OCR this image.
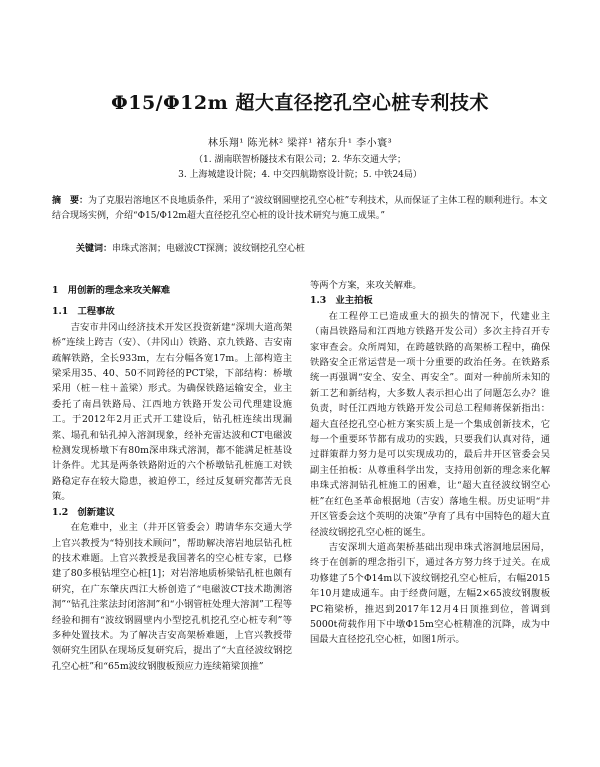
Φ15/Φ12m 超大直径挖孔空心桩专利技术
林乐翔¹ 陈光林² 梁祥¹ 褚东升¹ 李小寰³
（1. 湖南联智桥隧技术有限公司；2. 华东交通大学；
3. 上海城建设计院；4. 中交四航勘察设计院；5. 中铁24局）
摘　要：为了克服岩溶地区不良地质条件，采用了“波纹钢圆壁挖孔空心桩”专利技术，从而保证了主体工程的顺利进行。本文结合现场实例，介绍“Φ15/Φ12m超大直径挖孔空心桩的设计技术研究与施工成果。”
关键词：串珠式溶洞；电磁波CT探测；波纹钢挖孔空心桩
1　用创新的理念来攻关解难
1.1　工程事故

吉安市井冈山经济技术开发区投资新建“深圳大道高架桥”连续上跨吉（安）、（井冈山）铁路、京九铁路、吉安南疏解铁路，全长933m，左右分幅各宽17m。上部构造主梁采用35、40、50不同跨径的PCT梁，下部结构：桥墩采用（桩－柱＋盖梁）形式。为确保铁路运输安全，业主委托了南昌铁路局、江西地方铁路开发公司代理建设施工。于2012年2月正式开工建设后，钻孔桩连续出现漏浆、塌孔和钻孔掉入溶洞现象，经补充雷达波和CT电磁波检测发现桥墩下有80m深串珠式溶洞，都不能满足桩基设计条件。尤其是两条铁路附近的六个桥墩钻孔桩施工对铁路稳定存在较大隐患，被迫停工，经过反复研究都苦无良策。

1.2　创新建议

在危难中，业主（井开区管委会）聘请华东交通大学上官兴教授为“特别技术顾问”，帮助解决溶岩地层钻孔桩的技术难题。上官兴教授是我国著名的空心桩专家，已修建了80多根钻埋空心桩[1]；对岩溶地质桥梁钻孔桩也颇有研究，在广东肇庆西江大桥创造了“电磁波CT技术勘测溶洞”“钻孔注浆法封闭溶洞”和“小钢管桩处理大溶洞”工程等经验和拥有“波纹钢圆壁内小型挖孔机挖孔空心桩专利”等多种处置技术。为了解决吉安高架桥难题，上官兴教授带领研究生团队在现场反复研究后，提出了“大直径波纹钢挖孔空心桩”和“65m波纹钢腹板预应力连续箱梁顶推”

等两个方案，来攻关解难。

1.3　业主拍板

在工程停工已造成重大的损失的情况下，代建业主（南昌铁路局和江西地方铁路开发公司）多次主持召开专家审查会。众所周知，在跨越铁路的高架桥工程中，确保铁路安全正常运营是一项十分重要的政治任务。在铁路系统一再强调“安全、安全、再安全”。面对一种前所未知的新工艺和新结构，大多数人表示担心出了问题怎么办？谁负责，时任江西地方铁路开发公司总工程师蒋保新指出：超大直径挖孔空心桩方案实质上是一个集成创新技术，它每一个重要环节都有成功的实践，只要我们认真对待，通过群策群力努力是可以实现成功的，最后井开区管委会吴副主任拍板：从尊重科学出发，支持用创新的理念来化解串珠式溶洞钻孔桩施工的困难，让“超大直径波纹钢空心桩”在红色圣革命根据地（吉安）落地生根。历史证明“井开区管委会这个英明的决策”孕育了具有中国特色的超大直径波纹钢挖孔空心桩的诞生。

吉安深圳大道高架桥基础出现串珠式溶洞地层困局，终于在创新的理念指引下，通过各方努力终于过关。在成功修建了5个Φ14m以下波纹钢挖孔空心桩后，右幅2015年10月建成通车。由于经费问题，左幅2×65波纹钢腹板PC箱梁桥，推迟到2017年12月4日顶推到位，普调到5000t荷载作用下中墩Φ15m空心桩精准的沉降，成为中国最大直径挖孔空心桩，如图1所示。
